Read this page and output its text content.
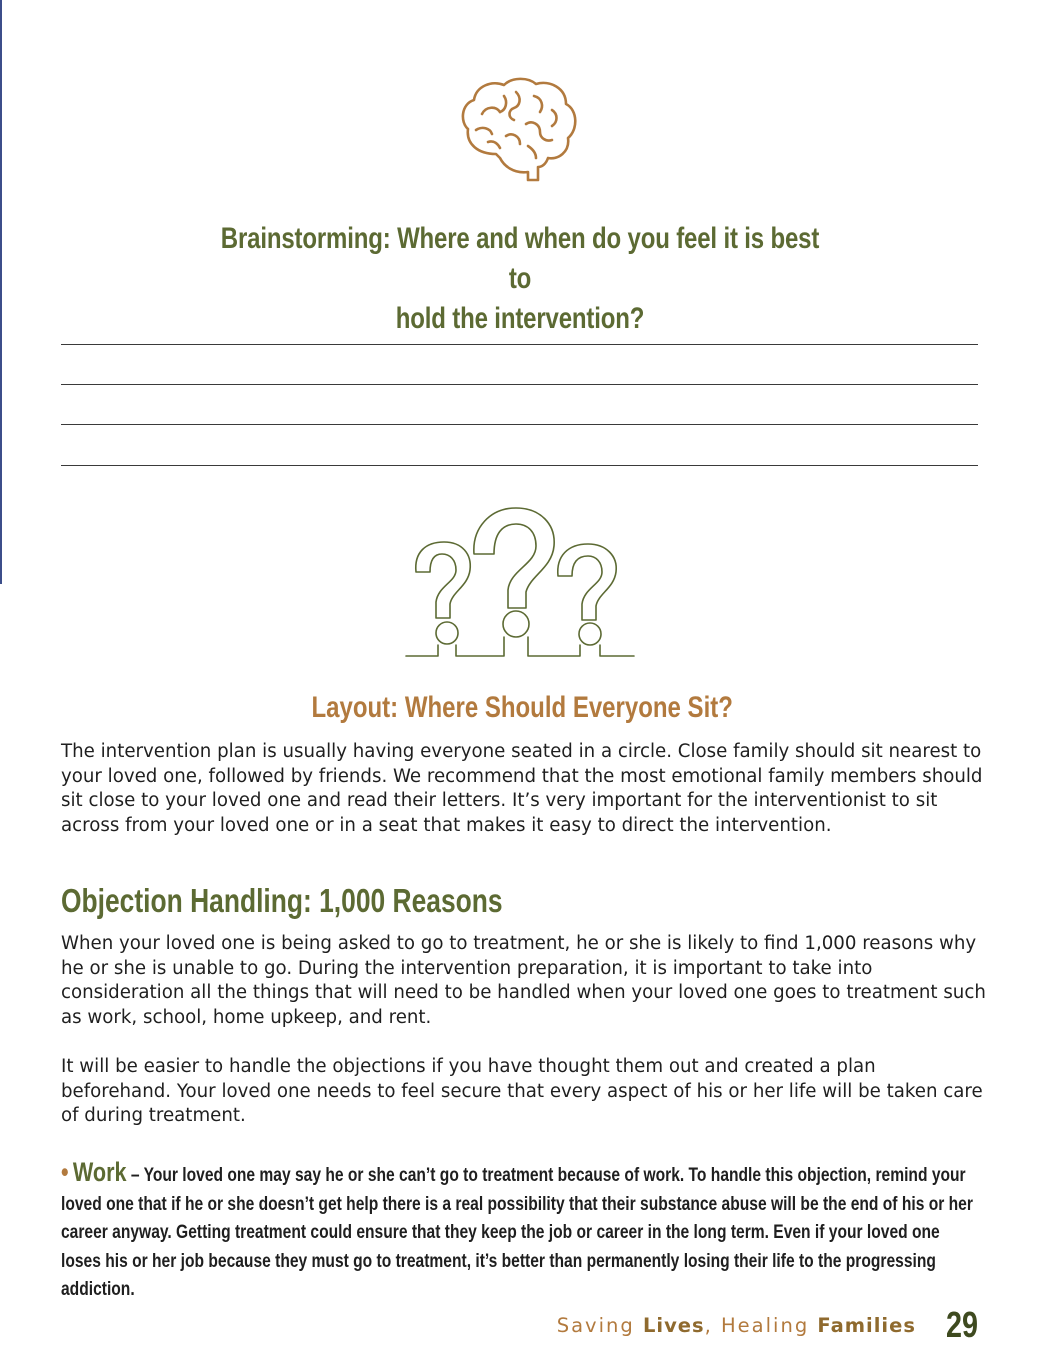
Brainstorming: Where and when do you feel it is best to
hold the intervention?
Layout: Where Should Everyone Sit?

The intervention plan is usually having everyone seated in a circle. Close family should sit nearest to your loved one, followed by friends. We recommend that the most emotional family members should sit close to your loved one and read their letters. It’s very important for the interventionist to sit across from your loved one or in a seat that makes it easy to direct the intervention.

Objection Handling: 1,000 Reasons

When your loved one is being asked to go to treatment, he or she is likely to find 1,000 reasons why he or she is unable to go. During the intervention preparation, it is important to take into consideration all the things that will need to be handled when your loved one goes to treatment such as work, school, home upkeep, and rent.

It will be easier to handle the objections if you have thought them out and created a plan beforehand. Your loved one needs to feel secure that every aspect of his or her life will be taken care of during treatment.

• Work – Your loved one may say he or she can’t go to treatment because of work. To handle this objection, remind your loved one that if he or she doesn’t get help there is a real possibility that their substance abuse will be the end of his or her career anyway. Getting treatment could ensure that they keep the job or career in the long term. Even if your loved one loses his or her job because they must go to treatment, it’s better than permanently losing their life to the progressing addiction.

Saving Lives, Healing Families 29
